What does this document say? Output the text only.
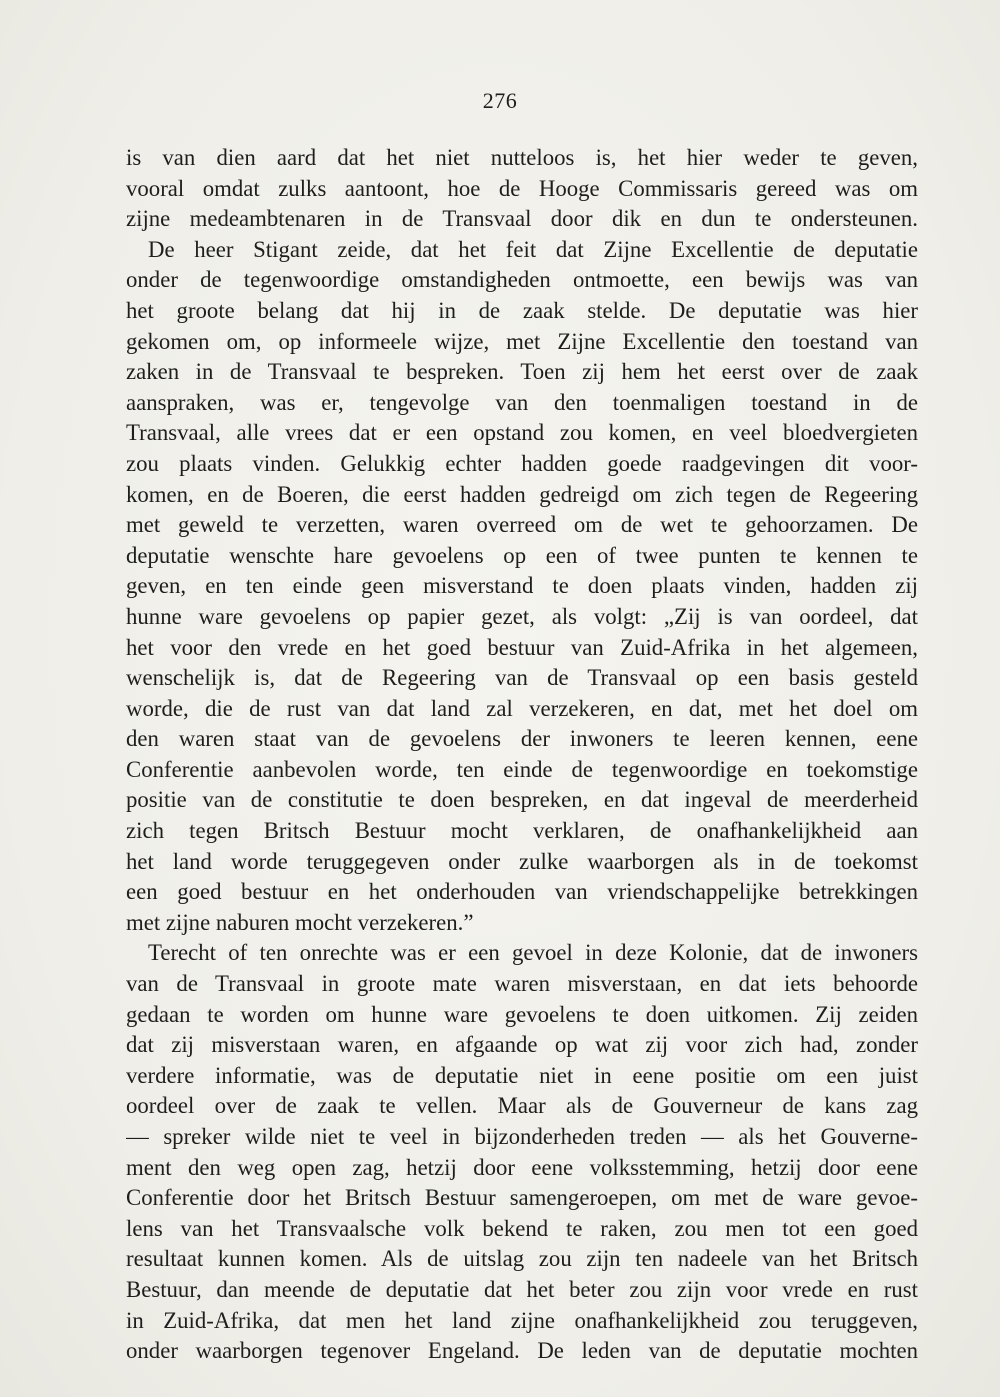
276
is van dien aard dat het niet nutteloos is, het hier weder te geven,
vooral omdat zulks aantoont, hoe de Hooge Commissaris gereed was om
zijne medeambtenaren in de Transvaal door dik en dun te ondersteunen.
De heer Stigant zeide, dat het feit dat Zijne Excellentie de deputatie
onder de tegenwoordige omstandigheden ontmoette, een bewijs was van
het groote belang dat hij in de zaak stelde. De deputatie was hier
gekomen om, op informeele wijze, met Zijne Excellentie den toestand van
zaken in de Transvaal te bespreken. Toen zij hem het eerst over de zaak
aanspraken, was er, tengevolge van den toenmaligen toestand in de
Transvaal, alle vrees dat er een opstand zou komen, en veel bloedvergieten
zou plaats vinden. Gelukkig echter hadden goede raadgevingen dit voor-
komen, en de Boeren, die eerst hadden gedreigd om zich tegen de Regeering
met geweld te verzetten, waren overreed om de wet te gehoorzamen. De
deputatie wenschte hare gevoelens op een of twee punten te kennen te
geven, en ten einde geen misverstand te doen plaats vinden, hadden zij
hunne ware gevoelens op papier gezet, als volgt: „Zij is van oordeel, dat
het voor den vrede en het goed bestuur van Zuid-Afrika in het algemeen,
wenschelijk is, dat de Regeering van de Transvaal op een basis gesteld
worde, die de rust van dat land zal verzekeren, en dat, met het doel om
den waren staat van de gevoelens der inwoners te leeren kennen, eene
Conferentie aanbevolen worde, ten einde de tegenwoordige en toekomstige
positie van de constitutie te doen bespreken, en dat ingeval de meerderheid
zich tegen Britsch Bestuur mocht verklaren, de onafhankelijkheid aan
het land worde teruggegeven onder zulke waarborgen als in de toekomst
een goed bestuur en het onderhouden van vriendschappelijke betrekkingen
met zijne naburen mocht verzekeren.”
Terecht of ten onrechte was er een gevoel in deze Kolonie, dat de inwoners
van de Transvaal in groote mate waren misverstaan, en dat iets behoorde
gedaan te worden om hunne ware gevoelens te doen uitkomen. Zij zeiden
dat zij misverstaan waren, en afgaande op wat zij voor zich had, zonder
verdere informatie, was de deputatie niet in eene positie om een juist
oordeel over de zaak te vellen. Maar als de Gouverneur de kans zag
— spreker wilde niet te veel in bijzonderheden treden — als het Gouverne-
ment den weg open zag, hetzij door eene volksstemming, hetzij door eene
Conferentie door het Britsch Bestuur samengeroepen, om met de ware gevoe-
lens van het Transvaalsche volk bekend te raken, zou men tot een goed
resultaat kunnen komen. Als de uitslag zou zijn ten nadeele van het Britsch
Bestuur, dan meende de deputatie dat het beter zou zijn voor vrede en rust
in Zuid-Afrika, dat men het land zijne onafhankelijkheid zou teruggeven,
onder waarborgen tegenover Engeland. De leden van de deputatie mochten
